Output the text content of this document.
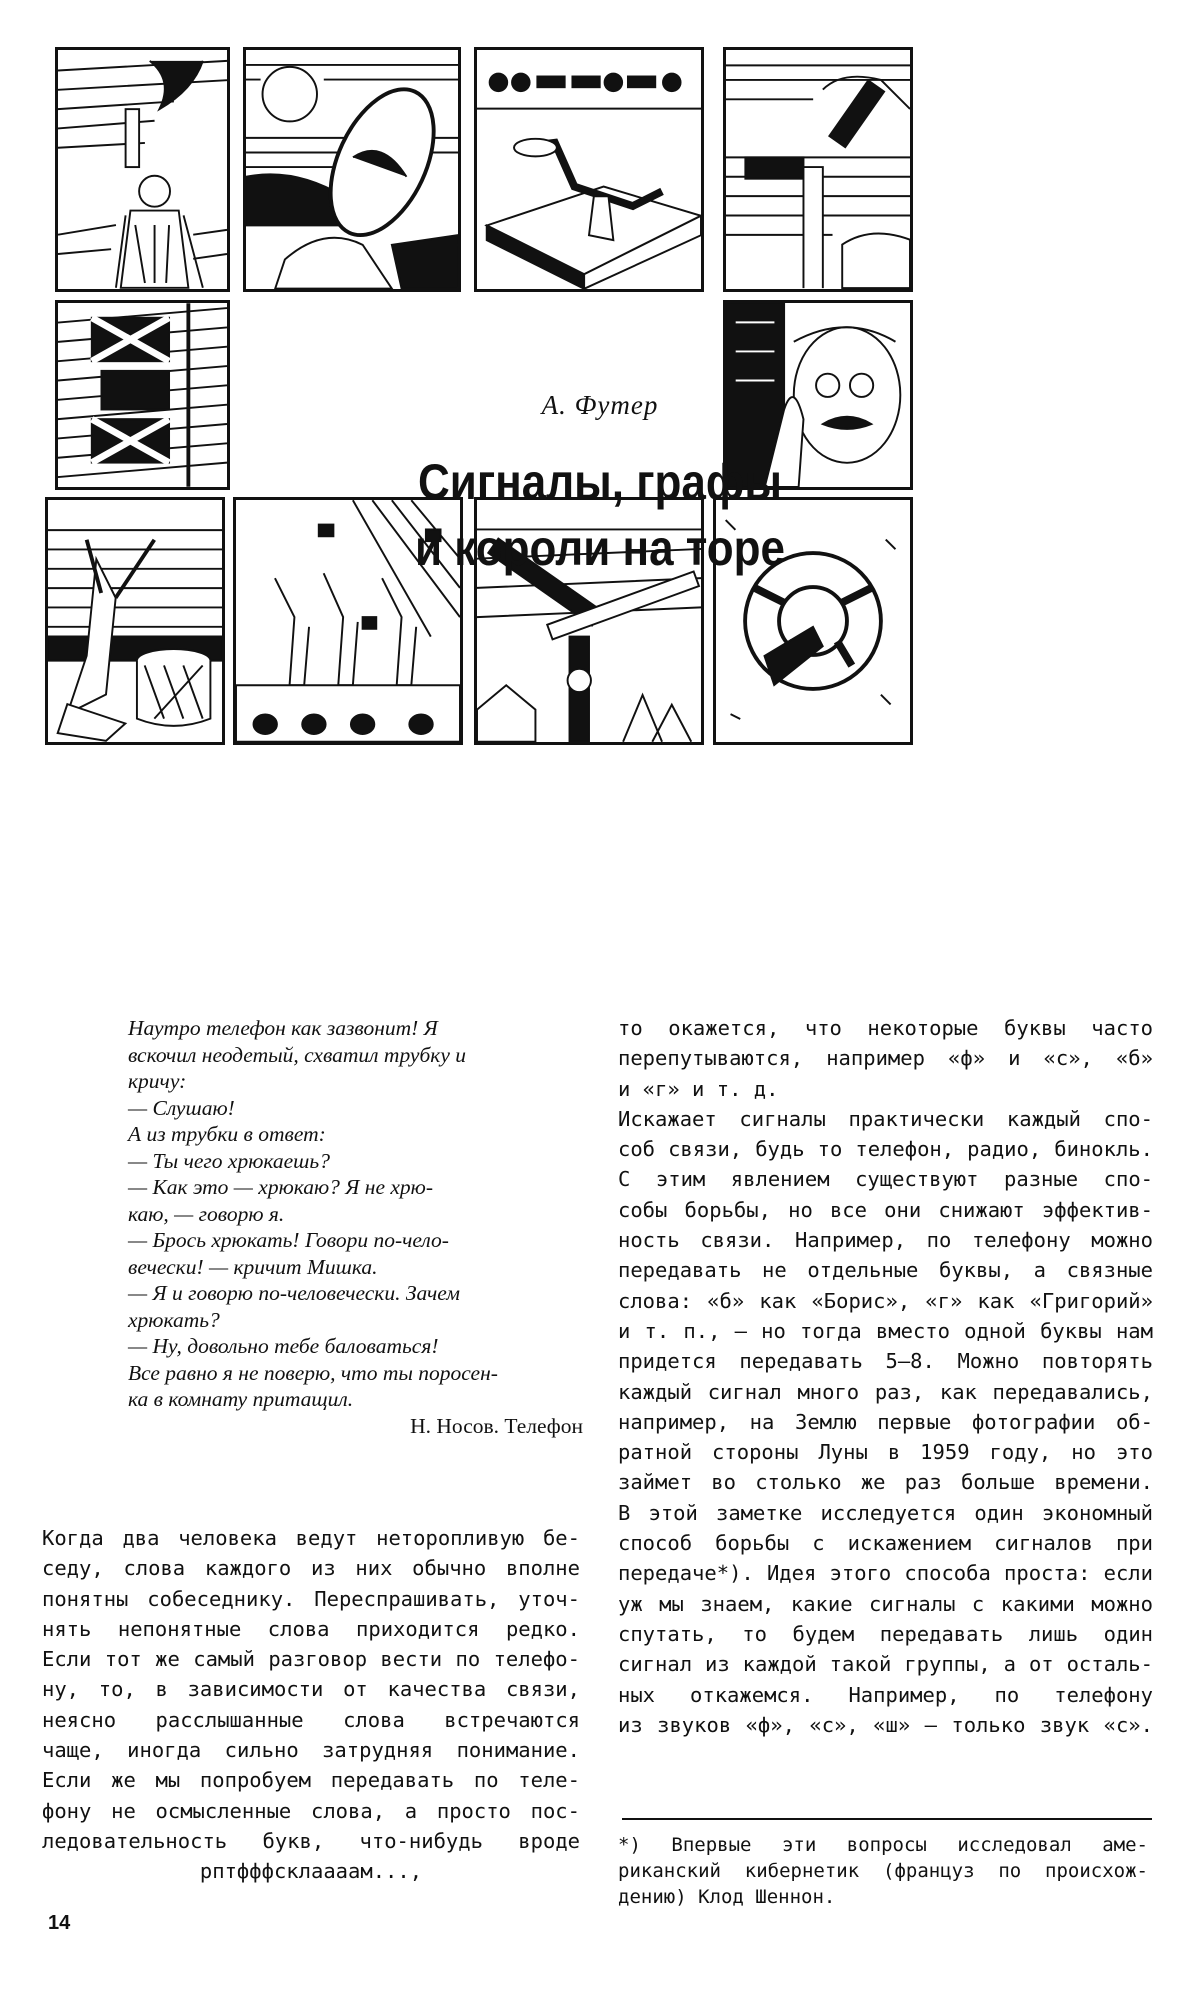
А. Футер
Сигналы, графы
и короли на торе
Наутро телефон как зазвонит! Я
вскочил неодетый, схватил трубку и
кричу:
— Слушаю!
А из трубки в ответ:
— Ты чего хрюкаешь?
— Как это — хрюкаю? Я не хрю-
каю, — говорю я.
— Брось хрюкать! Говори по-чело-
вечески! — кричит Мишка.
— Я и говорю по-человечески. Зачем
хрюкать?
— Ну, довольно тебе баловаться!
Все равно я не поверю, что ты поросен-
ка в комнату притащил.
Н. Носов. Телефон
Когда два человека ведут неторопливую бе-
седу, слова каждого из них обычно вполне
понятны собеседнику. Переспрашивать, уточ-
нять непонятные слова приходится редко.
Если тот же самый разговор вести по телефо-
ну, то, в зависимости от качества связи,
неясно расслышанные слова встречаются
чаще, иногда сильно затрудняя понимание.
Если же мы попробуем передавать по теле-
фону не осмысленные слова, а просто пос-
ледовательность букв, что-нибудь вроде
рптфффсклаааам...,
то окажется, что некоторые буквы часто
перепутываются, например «ф» и «с», «б»
и «г» и т. д.
Искажает сигналы практически каждый спо-
соб связи, будь то телефон, радио, бинокль.
С этим явлением существуют разные спо-
собы борьбы, но все они снижают эффектив-
ность связи. Например, по телефону можно
передавать не отдельные буквы, а связные
слова: «б» как «Борис», «г» как «Григорий»
и т. п., — но тогда вместо одной буквы нам
придется передавать 5—8. Можно повторять
каждый сигнал много раз, как передавались,
например, на Землю первые фотографии об-
ратной стороны Луны в 1959 году, но это
займет во столько же раз больше времени.
В этой заметке исследуется один экономный
способ борьбы с искажением сигналов при
передаче*). Идея этого способа проста: если
уж мы знаем, какие сигналы с какими можно
спутать, то будем передавать лишь один
сигнал из каждой такой группы, а от осталь-
ных откажемся. Например, по телефону
из звуков «ф», «с», «ш» — только звук «с».
*) Впервые эти вопросы исследовал аме-
риканский кибернетик (француз по происхож-
дению) Клод Шеннон.
14
